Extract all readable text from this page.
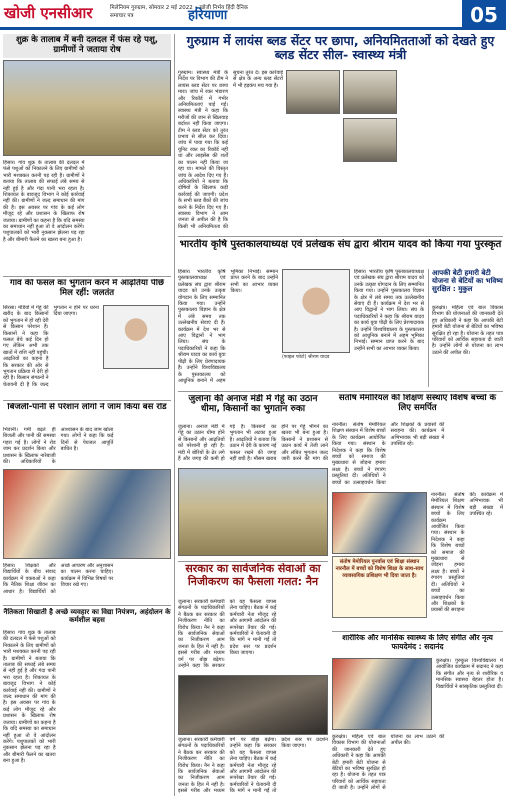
खोजी एनसीआर	मिलेनियम गुरुग्राम, सोमवार 2 मई 2022 • ख़ोजी निर्भय हिंदी दैनिक समाचार पत्र	हरियाणा	05
शुक्र के तालाब में बनी दलदल में फंस रहे पशु, ग्रामीणों ने जताया रोष
हिसार। गांव शुक्र के तालाब की दलदल में फंसे पशुओं को निकालने के लिए ग्रामीणों को भारी मशक्कत करनी पड़ रही है। ग्रामीणों ने बताया कि तालाब की सफाई लंबे समय से नहीं हुई है और गंदा पानी भरा रहता है। शिकायत के बावजूद विभाग ने कोई कार्रवाई नहीं की। ग्रामीणों ने जल्द समाधान की मांग की है। इस अवसर पर गांव के कई लोग मौजूद रहे और प्रशासन के खिलाफ रोष जताया। ग्रामीणों का कहना है कि यदि समस्या का समाधान नहीं हुआ तो वे आंदोलन करेंगे। पशुपालकों को भारी नुकसान झेलना पड़ रहा है और बीमारी फैलने का खतरा बना हुआ है।
गांव की फसल का भुगतान करने में आढ़तियां पीछे मिल रहीं: जलतंत
सिरसा। मंडियों में गेहूं की खरीद के बाद किसानों को भुगतान में हो रही देरी से किसान परेशान हैं। किसानों ने कहा कि फसल बेचे कई दिन हो गए लेकिन अभी तक खातों में राशि नहीं पहुंची। आढ़तियों का कहना है कि सरकार की ओर से भुगतान प्रक्रिया में देरी हो रही है। किसान संगठनों ने चेतावनी दी है कि जल्द भुगतान न होने पर धरना दिया जाएगा।
बिजली-पानी से परेशान लोगों ने जाम किया बस रोड
भिवानी। गर्मी बढ़ते ही बिजली और पानी की समस्या गहरा गई है। लोगों ने रोड जाम कर प्रदर्शन किया और प्रशासन के खिलाफ नारेबाजी की। अधिकारियों के आश्वासन के बाद जाम खोला गया। लोगों ने कहा कि कई दिनों से पेयजल आपूर्ति बाधित है।
हिसार। शिक्षकों और विद्यार्थियों के बीच संवाद कार्यक्रम में वक्ताओं ने कहा कि नैतिक शिक्षा जीवन का आधार है। विद्यार्थियों को अच्छे आचरण और अनुशासन का पालन करना चाहिए। कार्यक्रम में विभिन्न विषयों पर विचार रखे गए।
नैतिकता सिखाती है अच्छे व्यवहार का विद्या नियंत्रण, अहंदोलन के कर्मशील बहस
हिसार। गांव शुक्र के तालाब की दलदल में फंसे पशुओं को निकालने के लिए ग्रामीणों को भारी मशक्कत करनी पड़ रही है। ग्रामीणों ने बताया कि तालाब की सफाई लंबे समय से नहीं हुई है और गंदा पानी भरा रहता है। शिकायत के बावजूद विभाग ने कोई कार्रवाई नहीं की। ग्रामीणों ने जल्द समाधान की मांग की है। इस अवसर पर गांव के कई लोग मौजूद रहे और प्रशासन के खिलाफ रोष जताया। ग्रामीणों का कहना है कि यदि समस्या का समाधान नहीं हुआ तो वे आंदोलन करेंगे। पशुपालकों को भारी नुकसान झेलना पड़ रहा है और बीमारी फैलने का खतरा बना हुआ है।
गुरुग्राम में लायंस ब्लड सेंटर पर छापा, अनियमितताओं को देखते हुए ब्लड सेंटर सील- स्वास्थ्य मंत्री
गुरुग्राम। स्वास्थ्य मंत्री के निर्देश पर विभाग की टीम ने लायंस ब्लड सेंटर पर छापा मारा। जांच में रक्त भंडारण और रिकॉर्ड में गंभीर अनियमितताएं पाई गईं। स्वास्थ्य मंत्री ने कहा कि मरीजों की जान से खिलवाड़ बर्दाश्त नहीं किया जाएगा। टीम ने ब्लड सेंटर को तुरंत प्रभाव से सील कर दिया। जांच में पाया गया कि कई यूनिट रक्त का रिकॉर्ड नहीं था और लाइसेंस की शर्तों का पालन नहीं किया जा रहा था। मामले की विस्तृत जांच के आदेश दिए गए हैं। अधिकारियों ने बताया कि दोषियों के खिलाफ कड़ी कार्रवाई की जाएगी। प्रदेश के सभी ब्लड बैंकों की जांच करने के निर्देश दिए गए हैं। स्वास्थ्य विभाग ने आम जनता से अपील की है कि किसी भी अनियमितता की सूचना तुरंत दें। इस कार्रवाई से क्षेत्र के अन्य ब्लड सेंटरों में भी हड़कंप मच गया है।
भारतीय कृषि पुस्तकालयाध्यक्ष एवं प्रलेखक संघ द्वारा श्रीराम यादव को किया गया पुरस्कृत
हिसार। भारतीय कृषि पुस्तकालयाध्यक्ष एवं प्रलेखक संघ द्वारा श्रीराम यादव को उनके उत्कृष्ट योगदान के लिए सम्मानित किया गया। उन्होंने पुस्तकालय विज्ञान के क्षेत्र में लंबे समय तक उल्लेखनीय सेवाएं दी हैं। कार्यक्रम में देश भर से आए विद्वानों ने भाग लिया। संघ के पदाधिकारियों ने कहा कि श्रीराम यादव का कार्य युवा पीढ़ी के लिए प्रेरणादायक है। उन्होंने विश्वविद्यालय के पुस्तकालय को आधुनिक बनाने में अहम भूमिका निभाई। सम्मान प्राप्त करने के बाद उन्होंने सभी का आभार व्यक्त किया।
(फाइल फोटो) श्रीराम यादव
हिसार। भारतीय कृषि पुस्तकालयाध्यक्ष एवं प्रलेखक संघ द्वारा श्रीराम यादव को उनके उत्कृष्ट योगदान के लिए सम्मानित किया गया। उन्होंने पुस्तकालय विज्ञान के क्षेत्र में लंबे समय तक उल्लेखनीय सेवाएं दी हैं। कार्यक्रम में देश भर से आए विद्वानों ने भाग लिया। संघ के पदाधिकारियों ने कहा कि श्रीराम यादव का कार्य युवा पीढ़ी के लिए प्रेरणादायक है। उन्होंने विश्वविद्यालय के पुस्तकालय को आधुनिक बनाने में अहम भूमिका निभाई। सम्मान प्राप्त करने के बाद उन्होंने सभी का आभार व्यक्त किया।
आपकी बेटी हमारी बेटी योजना से बेटियों का भविष्य सुरक्षित : मुकुल
कुरुक्षेत्र। महिला एवं बाल विकास विभाग की योजनाओं की जानकारी देते हुए अधिकारी ने कहा कि आपकी बेटी हमारी बेटी योजना से बेटियों का भविष्य सुरक्षित हो रहा है। योजना के तहत पात्र परिवारों को आर्थिक सहायता दी जाती है। उन्होंने लोगों से योजना का लाभ उठाने की अपील की।
जुलाना की अनाज मंडी मे गेहूं का उठान धीमा, किसानों का भुगतान रुका
जुलाना। अनाज मंडी में गेहूं का उठान धीमा होने से किसानों और आढ़तियों को परेशानी हो रही है। मंडी में बोरियों के ढेर लगे हैं और जगह की कमी हो गई है। किसानों का भुगतान भी अटका हुआ है। आढ़तियों ने बताया कि उठान में देरी के कारण नई फसल रखने की जगह नहीं बची है। मौसम खराब होने पर गेहूं भीगने का खतरा भी बना हुआ है। किसानों ने प्रशासन से उठान कार्य में तेजी लाने और लंबित भुगतान जल्द जारी करने की मांग की
संतोष मेमोरियल की शिक्षण संस्थाएं विशेष बच्चों के लिए समर्पित
नारनौल। संतोष मेमोरियल शिक्षण संस्थान में विशेष बच्चों के लिए कार्यक्रम आयोजित किया गया। संस्थान के निदेशक ने कहा कि विशेष बच्चों को समाज की मुख्यधारा से जोड़ना हमारा लक्ष्य है। बच्चों ने रंगारंग प्रस्तुतियां दीं। अतिथियों ने बच्चों का उत्साहवर्धन किया और शिक्षकों के प्रयासों की सराहना की। कार्यक्रम में अभिभावक भी बड़ी संख्या में उपस्थित रहे।
संतोष मेमोरियल पुनर्वास एवं शिक्षा संस्थान नारनौल में बच्चों को विशेष शिक्षा के साथ-साथ व्यावसायिक प्रशिक्षण भी दिया जाता है।
नारनौल। संतोष मेमोरियल शिक्षण संस्थान में विशेष बच्चों के लिए कार्यक्रम आयोजित किया गया। संस्थान के निदेशक ने कहा कि विशेष बच्चों को समाज की मुख्यधारा से जोड़ना हमारा लक्ष्य है। बच्चों ने रंगारंग प्रस्तुतियां दीं। अतिथियों ने बच्चों का उत्साहवर्धन किया और शिक्षकों के प्रयासों की सराहना की। कार्यक्रम में अभिभावक भी बड़ी संख्या में उपस्थित रहे।
सरकार का सार्वजनिक सेवाओं का निजीकरण का फैसला गलत: नैन
जुलाना। सरकारी कर्मचारी संगठनों के पदाधिकारियों ने बैठक कर सरकार की निजीकरण नीति का विरोध किया। नैन ने कहा कि सार्वजनिक सेवाओं का निजीकरण आम जनता के हित में नहीं है। इससे गरीब और मध्यम वर्ग पर बोझ बढ़ेगा। उन्होंने कहा कि सरकार को यह फैसला वापस लेना चाहिए। बैठक में कई कर्मचारी नेता मौजूद रहे और आगामी आंदोलन की रूपरेखा तैयार की गई। कर्मचारियों ने चेतावनी दी कि मांगें न मानी गईं तो प्रदेश स्तर पर प्रदर्शन किया जाएगा।
जुलाना। सरकारी कर्मचारी संगठनों के पदाधिकारियों ने बैठक कर सरकार की निजीकरण नीति का विरोध किया। नैन ने कहा कि सार्वजनिक सेवाओं का निजीकरण आम जनता के हित में नहीं है। इससे गरीब और मध्यम वर्ग पर बोझ बढ़ेगा। उन्होंने कहा कि सरकार को यह फैसला वापस लेना चाहिए। बैठक में कई कर्मचारी नेता मौजूद रहे और आगामी आंदोलन की रूपरेखा तैयार की गई। कर्मचारियों ने चेतावनी दी कि मांगें न मानी गईं तो प्रदेश स्तर पर प्रदर्शन किया जाएगा।
शारीरिक और मानसिक स्वास्थ्य के लिए संगीत और नृत्य फायदेमंद : सदानंद
कुरुक्षेत्र। गुरुकुल विश्वविद्यालय में आयोजित कार्यक्रम में सदानंद ने कहा कि संगीत और नृत्य से शारीरिक व मानसिक स्वास्थ्य बेहतर होता है। विद्यार्थियों ने सांस्कृतिक प्रस्तुतियां दीं।
कुरुक्षेत्र। महिला एवं बाल विकास विभाग की योजनाओं की जानकारी देते हुए अधिकारी ने कहा कि आपकी बेटी हमारी बेटी योजना से बेटियों का भविष्य सुरक्षित हो रहा है। योजना के तहत पात्र परिवारों को आर्थिक सहायता दी जाती है। उन्होंने लोगों से योजना का लाभ उठाने की अपील की।
